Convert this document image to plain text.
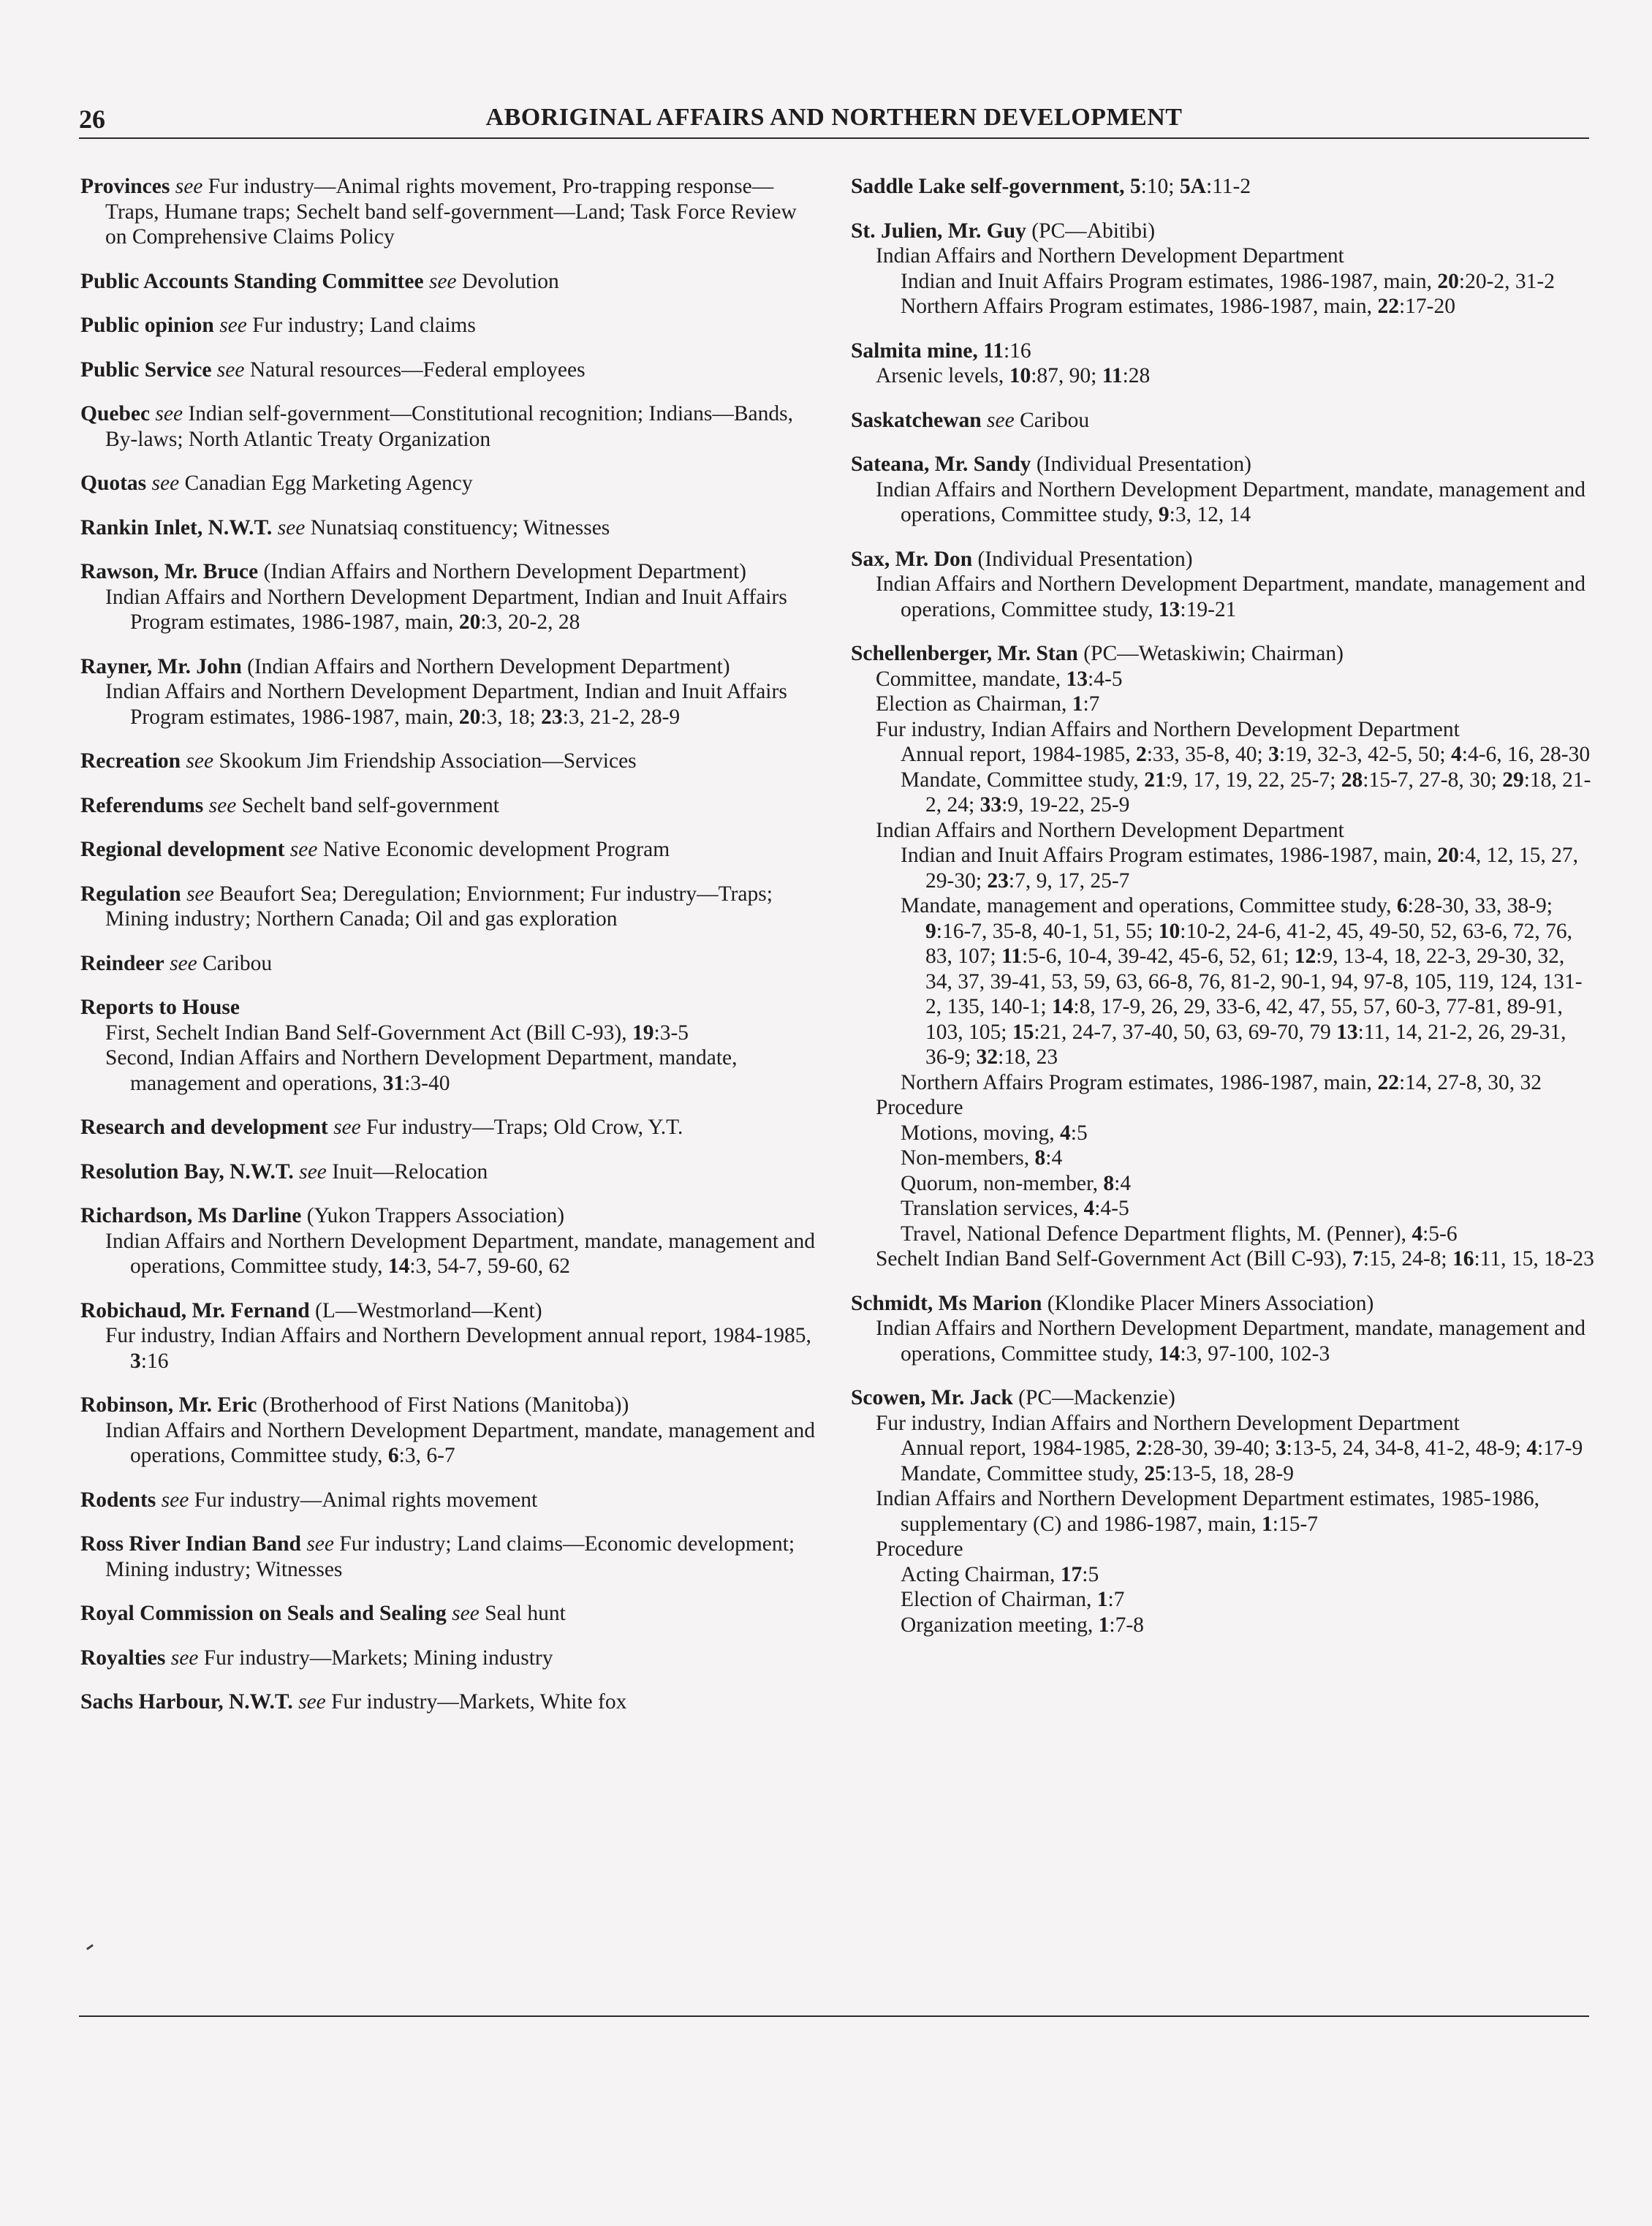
26	ABORIGINAL AFFAIRS AND NORTHERN DEVELOPMENT
Provinces see Fur industry—Animal rights movement, Pro-trapping response—Traps, Humane traps; Sechelt band self-government—Land; Task Force Review on Comprehensive Claims Policy
Public Accounts Standing Committee see Devolution
Public opinion see Fur industry; Land claims
Public Service see Natural resources—Federal employees
Quebec see Indian self-government—Constitutional recognition; Indians—Bands, By-laws; North Atlantic Treaty Organization
Quotas see Canadian Egg Marketing Agency
Rankin Inlet, N.W.T. see Nunatsiaq constituency; Witnesses
Rawson, Mr. Bruce (Indian Affairs and Northern Development Department)
Indian Affairs and Northern Development Department, Indian and Inuit Affairs Program estimates, 1986-1987, main, 20:3, 20-2, 28
Rayner, Mr. John (Indian Affairs and Northern Development Department)
Indian Affairs and Northern Development Department, Indian and Inuit Affairs Program estimates, 1986-1987, main, 20:3, 18; 23:3, 21-2, 28-9
Recreation see Skookum Jim Friendship Association—Services
Referendums see Sechelt band self-government
Regional development see Native Economic development Program
Regulation see Beaufort Sea; Deregulation; Enviornment; Fur industry—Traps; Mining industry; Northern Canada; Oil and gas exploration
Reindeer see Caribou
Reports to House
First, Sechelt Indian Band Self-Government Act (Bill C-93), 19:3-5
Second, Indian Affairs and Northern Development Department, mandate, management and operations, 31:3-40
Research and development see Fur industry—Traps; Old Crow, Y.T.
Resolution Bay, N.W.T. see Inuit—Relocation
Richardson, Ms Darline (Yukon Trappers Association)
Indian Affairs and Northern Development Department, mandate, management and operations, Committee study, 14:3, 54-7, 59-60, 62
Robichaud, Mr. Fernand (L—Westmorland—Kent)
Fur industry, Indian Affairs and Northern Development annual report, 1984-1985, 3:16
Robinson, Mr. Eric (Brotherhood of First Nations (Manitoba))
Indian Affairs and Northern Development Department, mandate, management and operations, Committee study, 6:3, 6-7
Rodents see Fur industry—Animal rights movement
Ross River Indian Band see Fur industry; Land claims—Economic development; Mining industry; Witnesses
Royal Commission on Seals and Sealing see Seal hunt
Royalties see Fur industry—Markets; Mining industry
Sachs Harbour, N.W.T. see Fur industry—Markets, White fox
Saddle Lake self-government, 5:10; 5A:11-2
St. Julien, Mr. Guy (PC—Abitibi)
Indian Affairs and Northern Development Department
Indian and Inuit Affairs Program estimates, 1986-1987, main, 20:20-2, 31-2
Northern Affairs Program estimates, 1986-1987, main, 22:17-20
Salmita mine, 11:16
Arsenic levels, 10:87, 90; 11:28
Saskatchewan see Caribou
Sateana, Mr. Sandy (Individual Presentation)
Indian Affairs and Northern Development Department, mandate, management and operations, Committee study, 9:3, 12, 14
Sax, Mr. Don (Individual Presentation)
Indian Affairs and Northern Development Department, mandate, management and operations, Committee study, 13:19-21
Schellenberger, Mr. Stan (PC—Wetaskiwin; Chairman)
Committee, mandate, 13:4-5
Election as Chairman, 1:7
Fur industry, Indian Affairs and Northern Development Department
Annual report, 1984-1985, 2:33, 35-8, 40; 3:19, 32-3, 42-5, 50; 4:4-6, 16, 28-30
Mandate, Committee study, 21:9, 17, 19, 22, 25-7; 28:15-7, 27-8, 30; 29:18, 21-2, 24; 33:9, 19-22, 25-9
Indian Affairs and Northern Development Department
Indian and Inuit Affairs Program estimates, 1986-1987, main, 20:4, 12, 15, 27, 29-30; 23:7, 9, 17, 25-7
Mandate, management and operations, Committee study, 6:28-30, 33, 38-9; 9:16-7, 35-8, 40-1, 51, 55; 10:10-2, 24-6, 41-2, 45, 49-50, 52, 63-6, 72, 76, 83, 107; 11:5-6, 10-4, 39-42, 45-6, 52, 61; 12:9, 13-4, 18, 22-3, 29-30, 32, 34, 37, 39-41, 53, 59, 63, 66-8, 76, 81-2, 90-1, 94, 97-8, 105, 119, 124, 131-2, 135, 140-1; 14:8, 17-9, 26, 29, 33-6, 42, 47, 55, 57, 60-3, 77-81, 89-91, 103, 105; 15:21, 24-7, 37-40, 50, 63, 69-70, 79 13:11, 14, 21-2, 26, 29-31, 36-9; 32:18, 23
Northern Affairs Program estimates, 1986-1987, main, 22:14, 27-8, 30, 32
Procedure
Motions, moving, 4:5
Non-members, 8:4
Quorum, non-member, 8:4
Translation services, 4:4-5
Travel, National Defence Department flights, M. (Penner), 4:5-6
Sechelt Indian Band Self-Government Act (Bill C-93), 7:15, 24-8; 16:11, 15, 18-23
Schmidt, Ms Marion (Klondike Placer Miners Association)
Indian Affairs and Northern Development Department, mandate, management and operations, Committee study, 14:3, 97-100, 102-3
Scowen, Mr. Jack (PC—Mackenzie)
Fur industry, Indian Affairs and Northern Development Department
Annual report, 1984-1985, 2:28-30, 39-40; 3:13-5, 24, 34-8, 41-2, 48-9; 4:17-9
Mandate, Committee study, 25:13-5, 18, 28-9
Indian Affairs and Northern Development Department estimates, 1985-1986, supplementary (C) and 1986-1987, main, 1:15-7
Procedure
Acting Chairman, 17:5
Election of Chairman, 1:7
Organization meeting, 1:7-8
